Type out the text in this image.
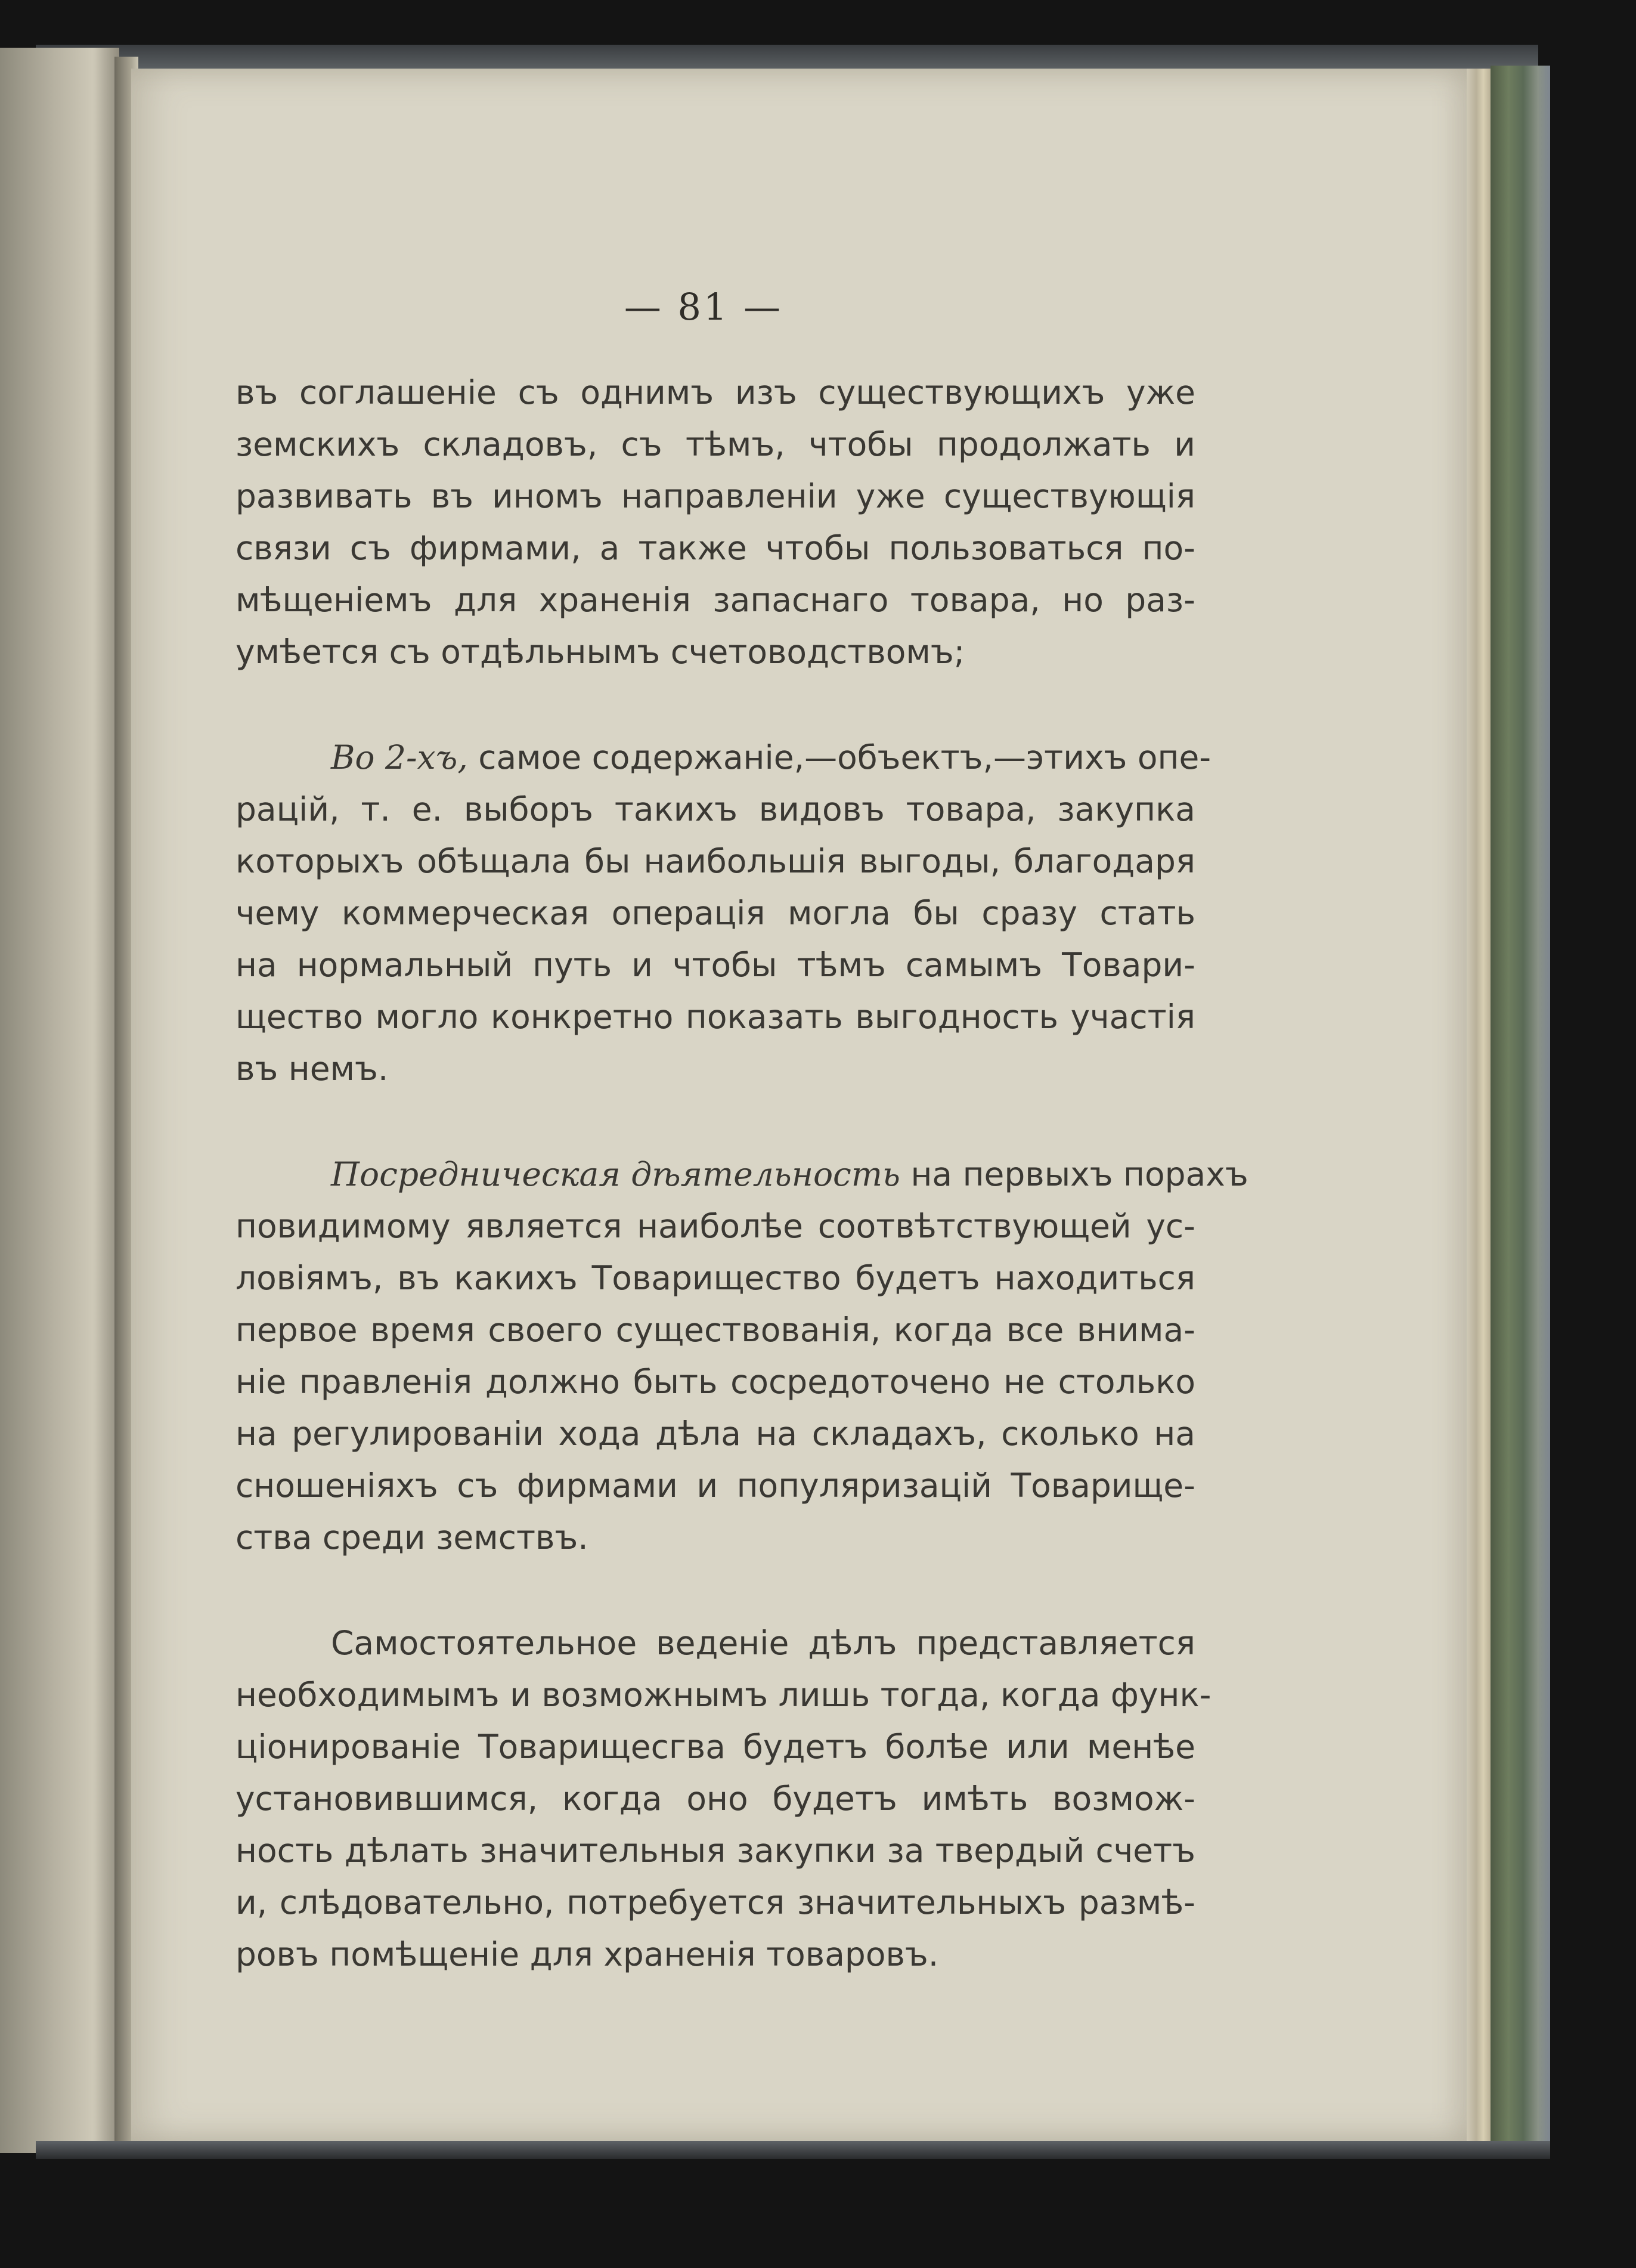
— 81 —
въ соглашеніе съ однимъ изъ существующихъ уже
земскихъ складовъ, съ тѣмъ, чтобы продолжать и
развивать въ иномъ направленіи уже существующія
связи съ фирмами, а также чтобы пользоваться по-
мѣщеніемъ для храненія запаснаго товара, но раз-
умѣется съ отдѣльнымъ счетоводствомъ;
Во 2-хъ, самое содержаніе,—объектъ,—этихъ опе-
рацій, т. е. выборъ такихъ видовъ товара, закупка
которыхъ обѣщала бы наибольшія выгоды, благодаря
чему коммерческая операція могла бы сразу стать
на нормальный путь и чтобы тѣмъ самымъ Товари-
щество могло конкретно показать выгодность участія
въ немъ.
Посредническая дѣятельность на первыхъ порахъ
повидимому является наиболѣе соотвѣтствующей ус-
ловіямъ, въ какихъ Товарищество будетъ находиться
первое время своего существованія, когда все внима-
ніе правленія должно быть сосредоточено не столько
на регулированіи хода дѣла на складахъ, сколько на
сношеніяхъ съ фирмами и популяризацій Товарище-
ства среди земствъ.
Самостоятельное веденіе дѣлъ представляется
необходимымъ и возможнымъ лишь тогда, когда функ-
ціонированіе Товарищесгва будетъ болѣе или менѣе
установившимся, когда оно будетъ имѣть возмож-
ность дѣлать значительныя закупки за твердый счетъ
и, слѣдовательно, потребуется значительныхъ размѣ-
ровъ помѣщеніе для храненія товаровъ.
